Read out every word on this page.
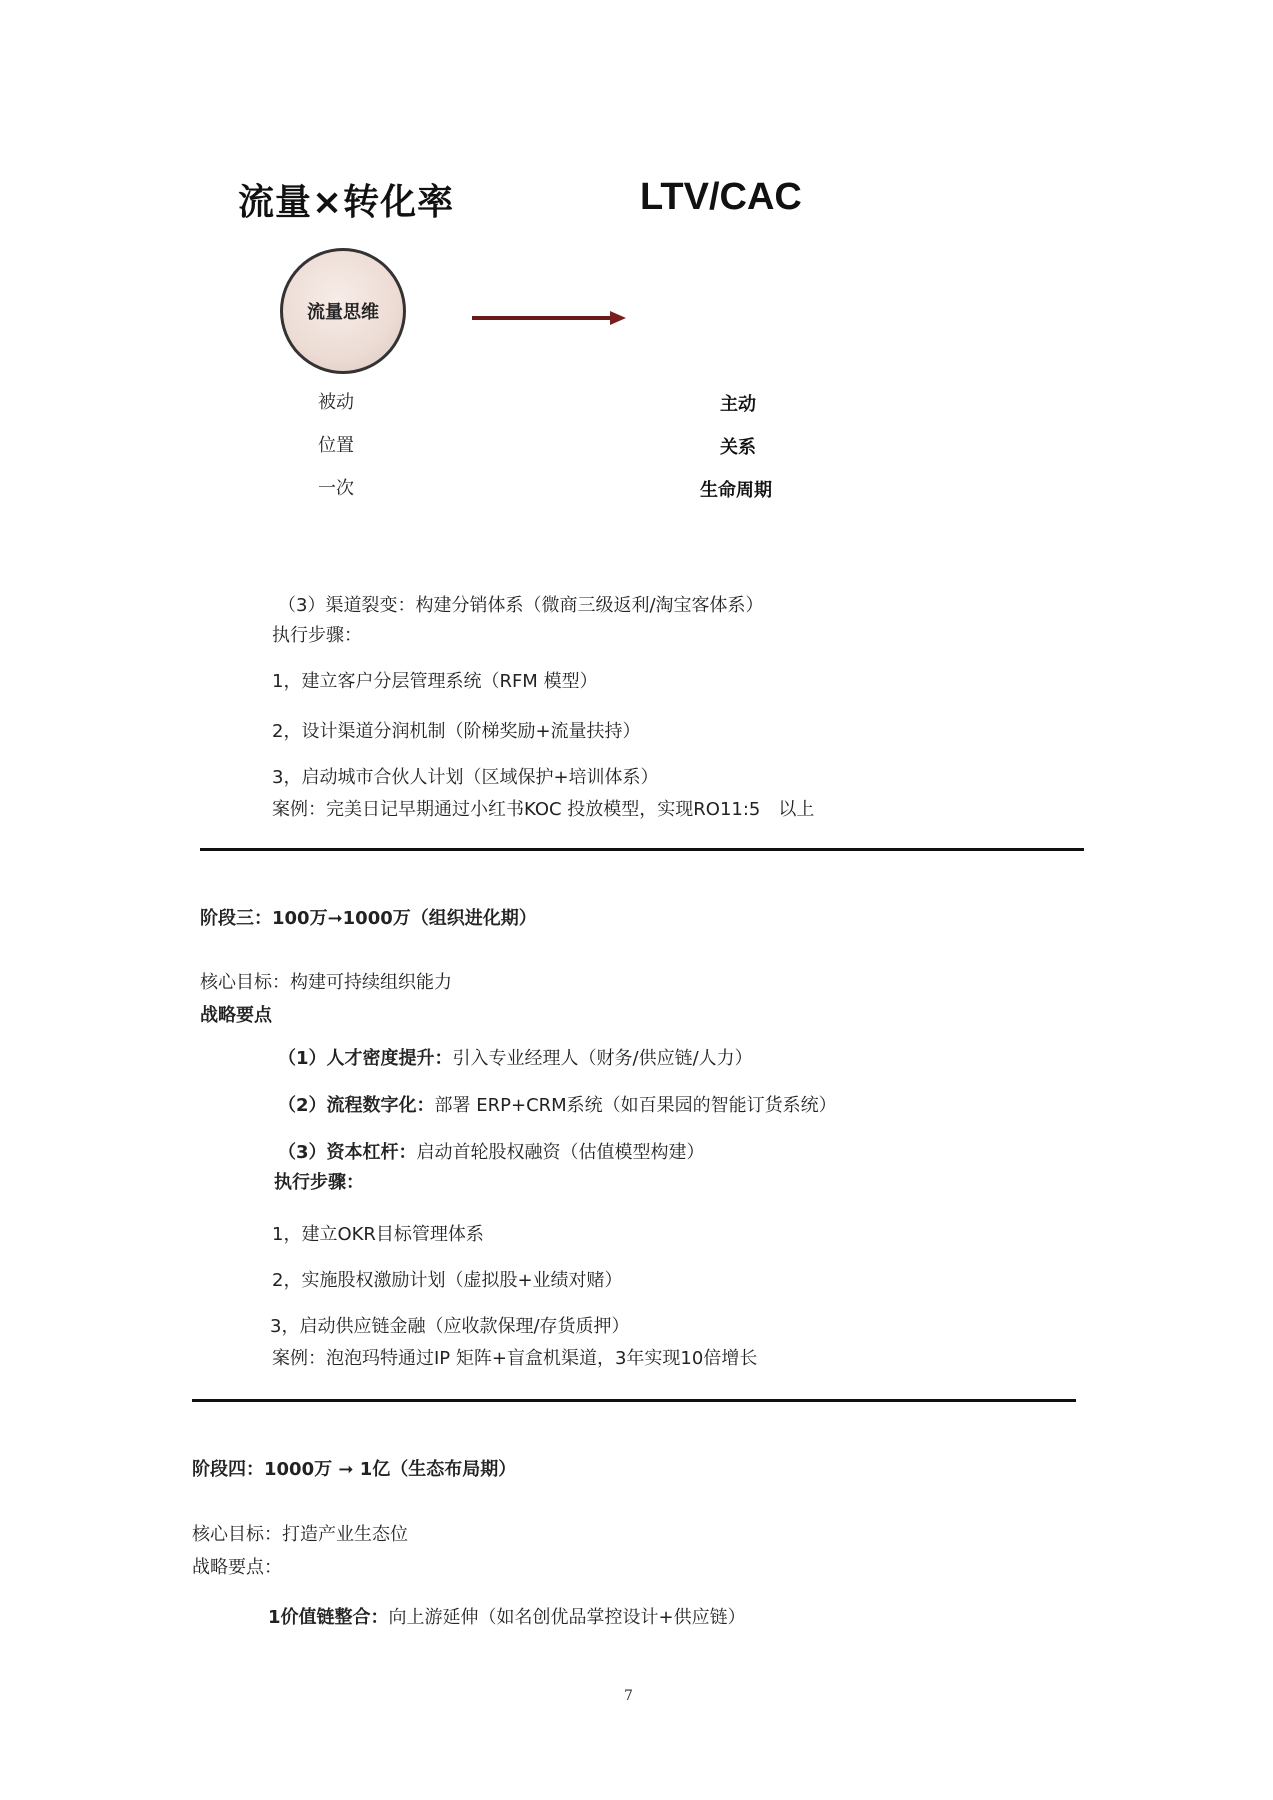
流量×转化率	LTV/CAC
流量思维
被动
位置
一次
主动
关系
生命周期
（3）渠道裂变：构建分销体系（微商三级返利/淘宝客体系）
执行步骤：
1，建立客户分层管理系统（RFM 模型）
2，设计渠道分润机制（阶梯奖励+流量扶持）
3，启动城市合伙人计划（区域保护+培训体系）
案例：完美日记早期通过小红书KOC 投放模型，实现RO11:5　以上
阶段三：100万➞1000万（组织进化期）
核心目标：构建可持续组织能力
战略要点
（1）人才密度提升：引入专业经理人（财务/供应链/人力）
（2）流程数字化：部署 ERP+CRM系统（如百果园的智能订货系统）
（3）资本杠杆：启动首轮股权融资（估值模型构建）
执行步骤：
1，建立OKR目标管理体系
2，实施股权激励计划（虚拟股+业绩对赌）
3，启动供应链金融（应收款保理/存货质押）
案例：泡泡玛特通过IP 矩阵+盲盒机渠道，3年实现10倍增长
阶段四：1000万 ➞ 1亿（生态布局期）
核心目标：打造产业生态位
战略要点：
1价值链整合：向上游延伸（如名创优品掌控设计+供应链）
7
